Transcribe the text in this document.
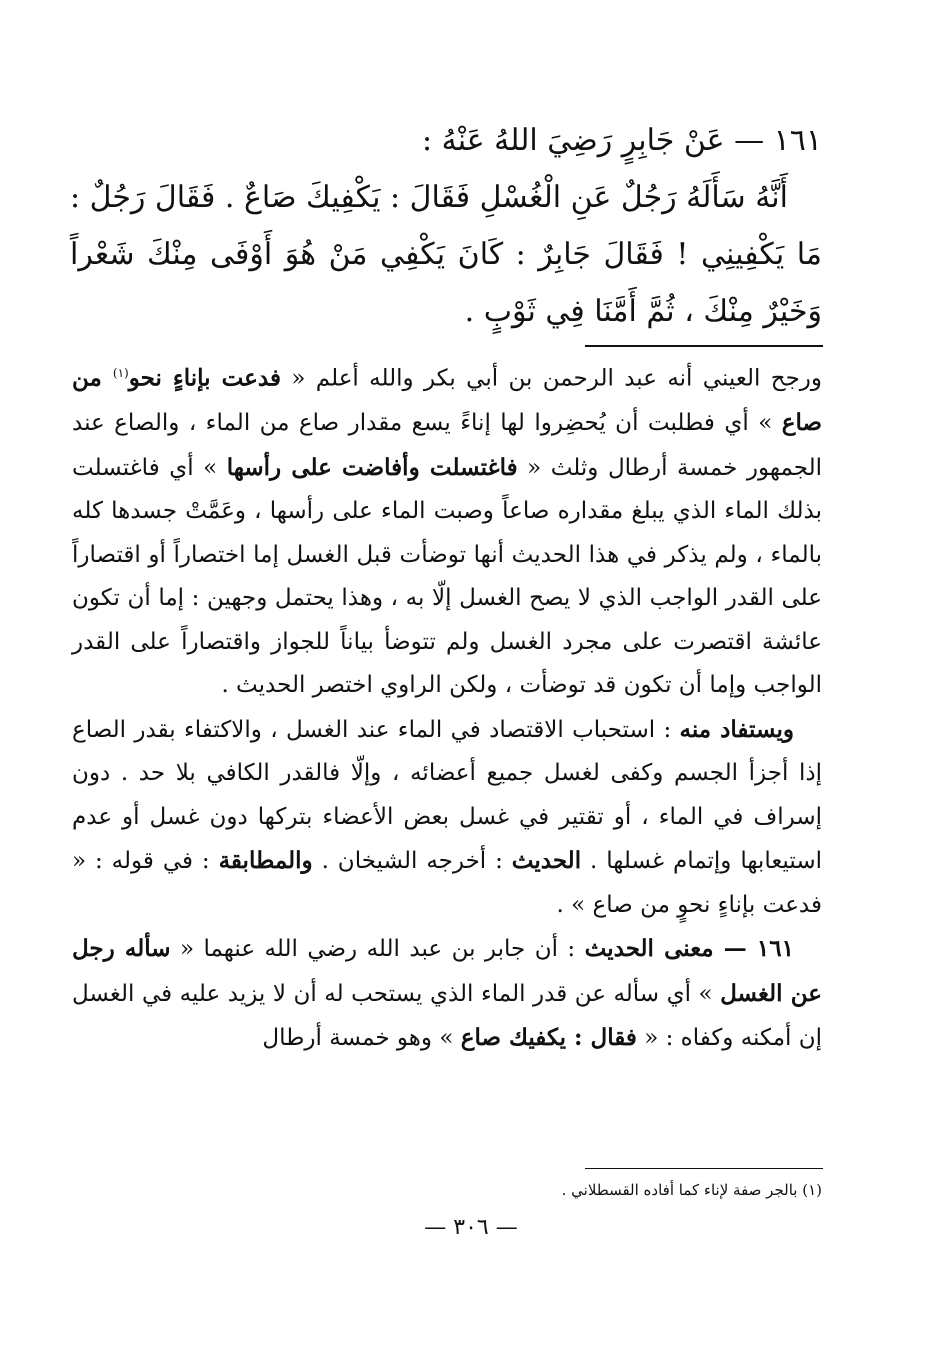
١٦١ — عَنْ جَابِرٍ رَضِيَ اللهُ عَنْهُ :

أَنَّهُ سَأَلَهُ رَجُلٌ عَنِ الْغُسْلِ فَقَالَ : يَكْفِيكَ صَاعٌ . فَقَالَ رَجُلٌ : مَا يَكْفِينِي ! فَقَالَ جَابِرٌ : كَانَ يَكْفِي مَنْ هُوَ أَوْفَى مِنْكَ شَعْراً وَخَيْرٌ مِنْكَ ، ثُمَّ أَمَّنَا فِي ثَوْبٍ .

ورجح العيني أنه عبد الرحمن بن أبي بكر والله أعلم « فدعت بإناءٍ نحو$^{(١)}$ من صاع » أي فطلبت أن يُحضِروا لها إناءً يسع مقدار صاع من الماء ، والصاع عند الجمهور خمسة أرطال وثلث « فاغتسلت وأفاضت على رأسها » أي فاغتسلت بذلك الماء الذي يبلغ مقداره صاعاً وصبت الماء على رأسها ، وعَمَّتْ جسدها كله بالماء ، ولم يذكر في هذا الحديث أنها توضأت قبل الغسل إما اختصاراً أو اقتصاراً على القدر الواجب الذي لا يصح الغسل إلّا به ، وهذا يحتمل وجهين : إما أن تكون عائشة اقتصرت على مجرد الغسل ولم تتوضأ بياناً للجواز واقتصاراً على القدر الواجب وإما أن تكون قد توضأت ، ولكن الراوي اختصر الحديث .

ويستفاد منه : استحباب الاقتصاد في الماء عند الغسل ، والاكتفاء بقدر الصاع إذا أجزأ الجسم وكفى لغسل جميع أعضائه ، وإلّا فالقدر الكافي بلا حد . دون إسراف في الماء ، أو تقتير في غسل بعض الأعضاء بتركها دون غسل أو عدم استيعابها وإتمام غسلها . الحديث : أخرجه الشيخان . والمطابقة : في قوله : « فدعت بإناءٍ نحوٍ من صاع » .

١٦١ — معنى الحديث : أن جابر بن عبد الله رضي الله عنهما « سأله رجل عن الغسل » أي سأله عن قدر الماء الذي يستحب له أن لا يزيد عليه في الغسل إن أمكنه وكفاه : « فقال : يكفيك صاع » وهو خمسة أرطال

(١) بالجر صفة لإناء كما أفاده القسطلاني .
— ٣٠٦ —
